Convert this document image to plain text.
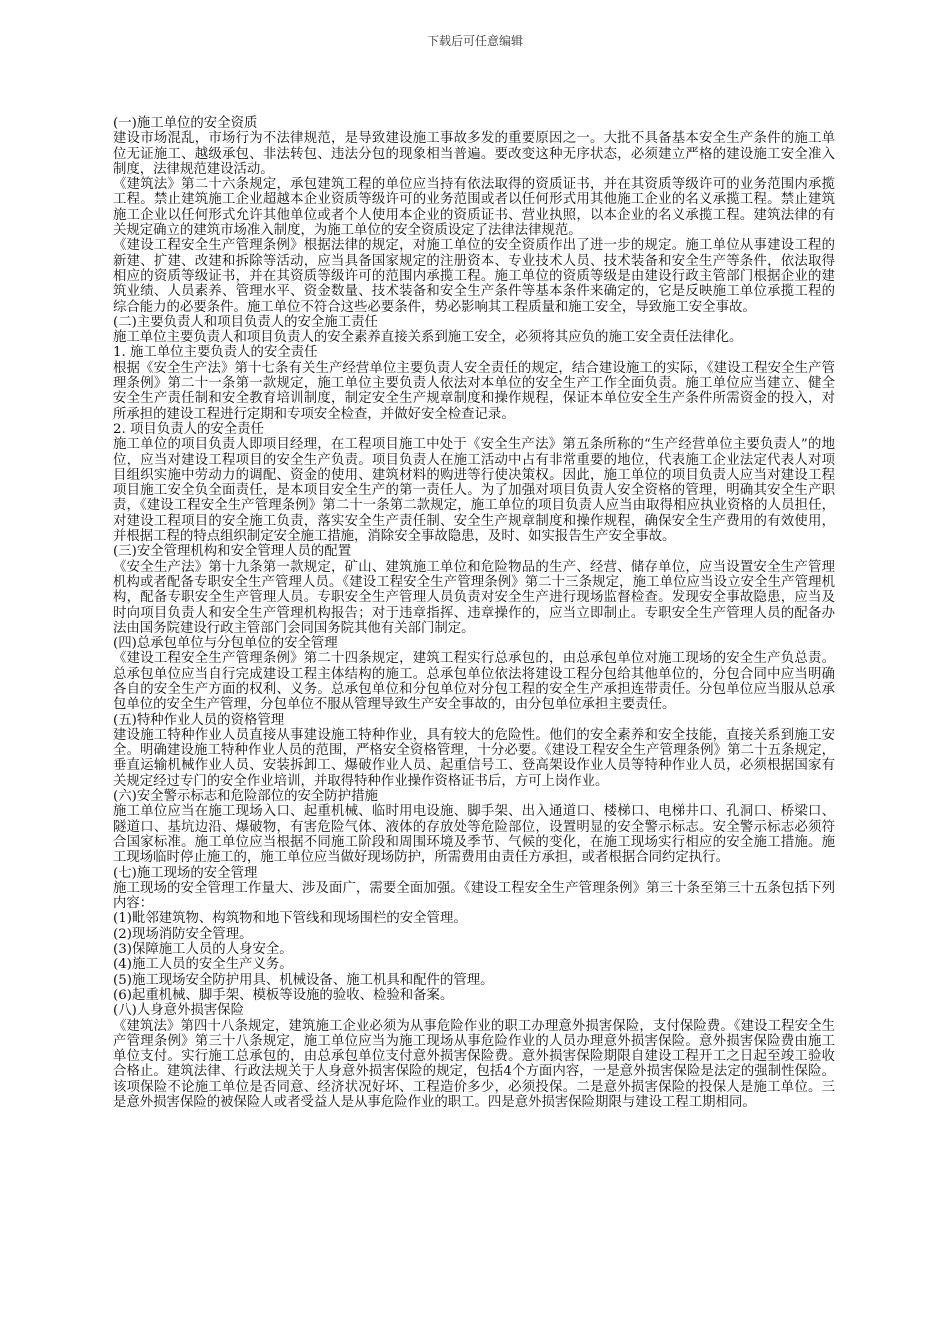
下载后可任意编辑

(一)施工单位的安全资质

建设市场混乱，市场行为不法律规范，是导致建设施工事故多发的重要原因之一。大批不具备基本安全生产条件的施工单位无证施工、越级承包、非法转包、违法分包的现象相当普遍。要改变这种无序状态，必须建立严格的建设施工安全准入制度，法律规范建设活动。

《建筑法》第二十六条规定，承包建筑工程的单位应当持有依法取得的资质证书，并在其资质等级许可的业务范围内承揽工程。禁止建筑施工企业超越本企业资质等级许可的业务范围或者以任何形式用其他施工企业的名义承揽工程。禁止建筑施工企业以任何形式允许其他单位或者个人使用本企业的资质证书、营业执照，以本企业的名义承揽工程。建筑法律的有关规定确立的建筑市场准入制度，为施工单位的安全资质设定了法律法律规范。

《建设工程安全生产管理条例》根据法律的规定，对施工单位的安全资质作出了进一步的规定。施工单位从事建设工程的新建、扩建、改建和拆除等活动，应当具备国家规定的注册资本、专业技术人员、技术装备和安全生产等条件，依法取得相应的资质等级证书，并在其资质等级许可的范围内承揽工程。施工单位的资质等级是由建设行政主管部门根据企业的建筑业绩、人员素养、管理水平、资金数量、技术装备和安全生产条件等基本条件来确定的，它是反映施工单位承揽工程的综合能力的必要条件。施工单位不符合这些必要条件，势必影响其工程质量和施工安全，导致施工安全事故。

(二)主要负责人和项目负责人的安全施工责任

施工单位主要负责人和项目负责人的安全素养直接关系到施工安全，必须将其应负的施工安全责任法律化。

1. 施工单位主要负责人的安全责任

根据《安全生产法》第十七条有关生产经营单位主要负责人安全责任的规定，结合建设施工的实际，《建设工程安全生产管理条例》第二十一条第一款规定，施工单位主要负责人依法对本单位的安全生产工作全面负责。施工单位应当建立、健全安全生产责任制和安全教育培训制度，制定安全生产规章制度和操作规程，保证本单位安全生产条件所需资金的投入，对所承担的建设工程进行定期和专项安全检查，并做好安全检查记录。

2. 项目负责人的安全责任

施工单位的项目负责人即项目经理，在工程项目施工中处于《安全生产法》第五条所称的“生产经营单位主要负责人”的地位，应当对建设工程项目的安全生产负责。项目负责人在施工活动中占有非常重要的地位，代表施工企业法定代表人对项目组织实施中劳动力的调配、资金的使用、建筑材料的购进等行使决策权。因此，施工单位的项目负责人应当对建设工程项目施工安全负全面责任，是本项目安全生产的第一责任人。为了加强对项目负责人安全资格的管理，明确其安全生产职责，《建设工程安全生产管理条例》第二十一条第二款规定，施工单位的项目负责人应当由取得相应执业资格的人员担任，对建设工程项目的安全施工负责，落实安全生产责任制、安全生产规章制度和操作规程，确保安全生产费用的有效使用，并根据工程的特点组织制定安全施工措施，消除安全事故隐患，及时、如实报告生产安全事故。

(三)安全管理机构和安全管理人员的配置

《安全生产法》第十九条第一款规定，矿山、建筑施工单位和危险物品的生产、经营、储存单位，应当设置安全生产管理机构或者配备专职安全生产管理人员。《建设工程安全生产管理条例》第二十三条规定，施工单位应当设立安全生产管理机构，配备专职安全生产管理人员。专职安全生产管理人员负责对安全生产进行现场监督检查。发现安全事故隐患，应当及时向项目负责人和安全生产管理机构报告；对于违章指挥、违章操作的，应当立即制止。专职安全生产管理人员的配备办法由国务院建设行政主管部门会同国务院其他有关部门制定。

(四)总承包单位与分包单位的安全管理

《建设工程安全生产管理条例》第二十四条规定，建筑工程实行总承包的，由总承包单位对施工现场的安全生产负总责。总承包单位应当自行完成建设工程主体结构的施工。总承包单位依法将建设工程分包给其他单位的，分包合同中应当明确各自的安全生产方面的权利、义务。总承包单位和分包单位对分包工程的安全生产承担连带责任。分包单位应当服从总承包单位的安全生产管理，分包单位不服从管理导致生产安全事故的，由分包单位承担主要责任。

(五)特种作业人员的资格管理

建设施工特种作业人员直接从事建设施工特种作业，具有较大的危险性。他们的安全素养和安全技能，直接关系到施工安全。明确建设施工特种作业人员的范围，严格安全资格管理，十分必要。《建设工程安全生产管理条例》第二十五条规定，垂直运输机械作业人员、安装拆卸工、爆破作业人员、起重信号工、登高架设作业人员等特种作业人员，必须根据国家有关规定经过专门的安全作业培训，并取得特种作业操作资格证书后，方可上岗作业。

(六)安全警示标志和危险部位的安全防护措施

施工单位应当在施工现场入口、起重机械、临时用电设施、脚手架、出入通道口、楼梯口、电梯井口、孔洞口、桥梁口、隧道口、基坑边沿、爆破物，有害危险气体、液体的存放处等危险部位，设置明显的安全警示标志。安全警示标志必须符合国家标准。施工单位应当根据不同施工阶段和周围环境及季节、气候的变化，在施工现场实行相应的安全施工措施。施工现场临时停止施工的，施工单位应当做好现场防护，所需费用由责任方承担，或者根据合同约定执行。

(七)施工现场的安全管理

施工现场的安全管理工作量大、涉及面广，需要全面加强。《建设工程安全生产管理条例》第三十条至第三十五条包括下列内容：

(1)毗邻建筑物、构筑物和地下管线和现场围栏的安全管理。

(2)现场消防安全管理。

(3)保障施工人员的人身安全。

(4)施工人员的安全生产义务。

(5)施工现场安全防护用具、机械设备、施工机具和配件的管理。

(6)起重机械、脚手架、模板等设施的验收、检验和备案。

(八)人身意外损害保险

《建筑法》第四十八条规定，建筑施工企业必须为从事危险作业的职工办理意外损害保险，支付保险费。《建设工程安全生产管理条例》第三十八条规定，施工单位应当为施工现场从事危险作业的人员办理意外损害保险。意外损害保险费由施工单位支付。实行施工总承包的，由总承包单位支付意外损害保险费。意外损害保险期限自建设工程开工之日起至竣工验收合格止。建筑法律、行政法规关于人身意外损害保险的规定，包括4个方面内容，一是意外损害保险是法定的强制性保险。该项保险不论施工单位是否同意、经济状况好坏、工程造价多少，必须投保。二是意外损害保险的投保人是施工单位。三是意外损害保险的被保险人或者受益人是从事危险作业的职工。四是意外损害保险期限与建设工程工期相同。
